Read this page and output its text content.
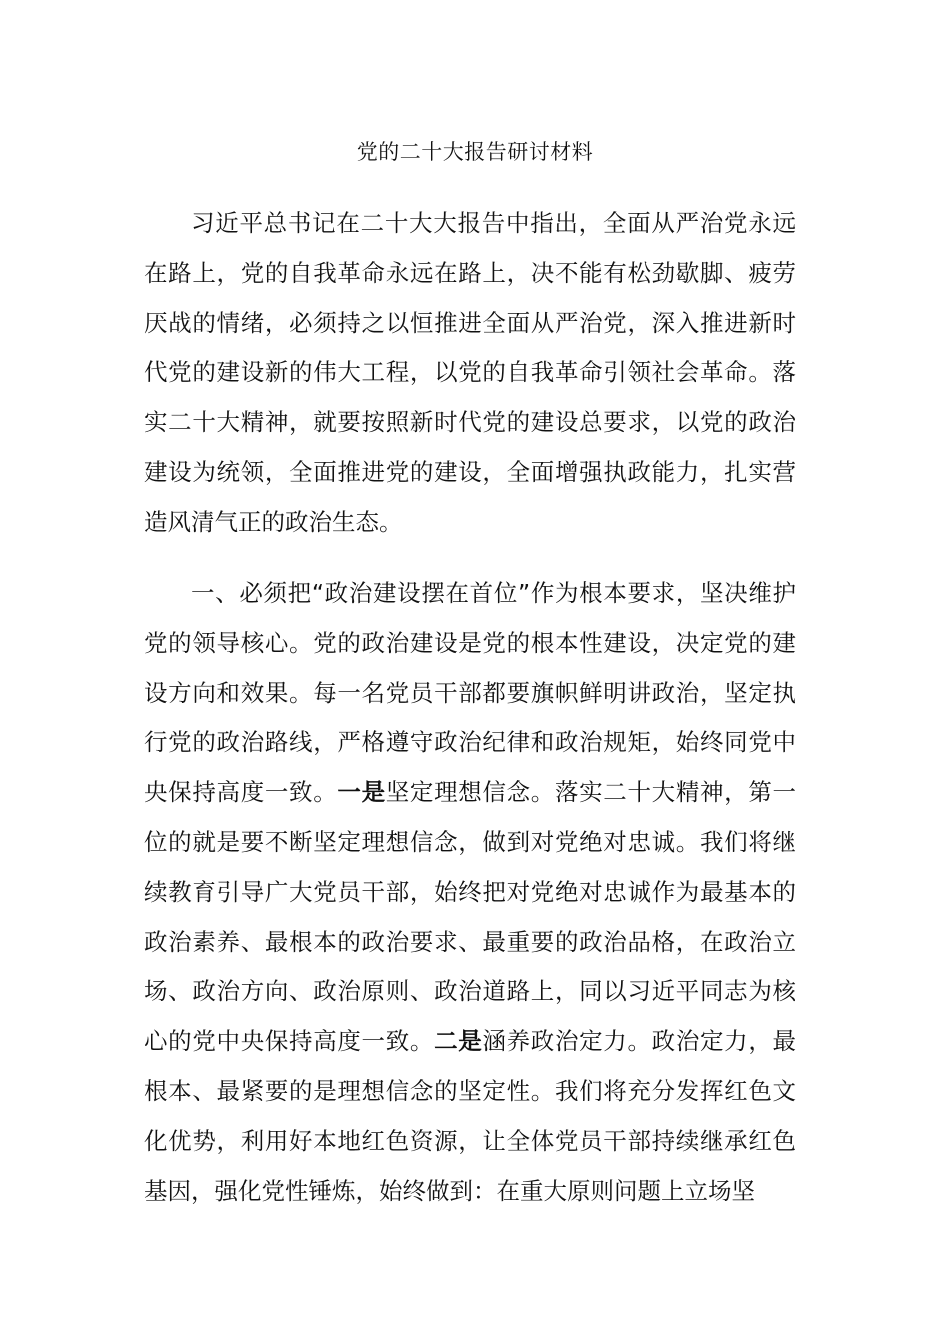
党的二十大报告研讨材料

习近平总书记在二十大大报告中指出，全面从严治党永远在路上，党的自我革命永远在路上，决不能有松劲歇脚、疲劳厌战的情绪，必须持之以恒推进全面从严治党，深入推进新时代党的建设新的伟大工程，以党的自我革命引领社会革命。落实二十大精神，就要按照新时代党的建设总要求，以党的政治建设为统领，全面推进党的建设，全面增强执政能力，扎实营造风清气正的政治生态。

一、必须把“政治建设摆在首位”作为根本要求，坚决维护党的领导核心。党的政治建设是党的根本性建设，决定党的建设方向和效果。每一名党员干部都要旗帜鲜明讲政治，坚定执行党的政治路线，严格遵守政治纪律和政治规矩，始终同党中央保持高度一致。一是坚定理想信念。落实二十大精神，第一位的就是要不断坚定理想信念，做到对党绝对忠诚。我们将继续教育引导广大党员干部，始终把对党绝对忠诚作为最基本的政治素养、最根本的政治要求、最重要的政治品格，在政治立场、政治方向、政治原则、政治道路上，同以习近平同志为核心的党中央保持高度一致。二是涵养政治定力。政治定力，最根本、最紧要的是理想信念的坚定性。我们将充分发挥红色文化优势，利用好本地红色资源，让全体党员干部持续继承红色基因，强化党性锤炼，始终做到：在重大原则问题上立场坚
